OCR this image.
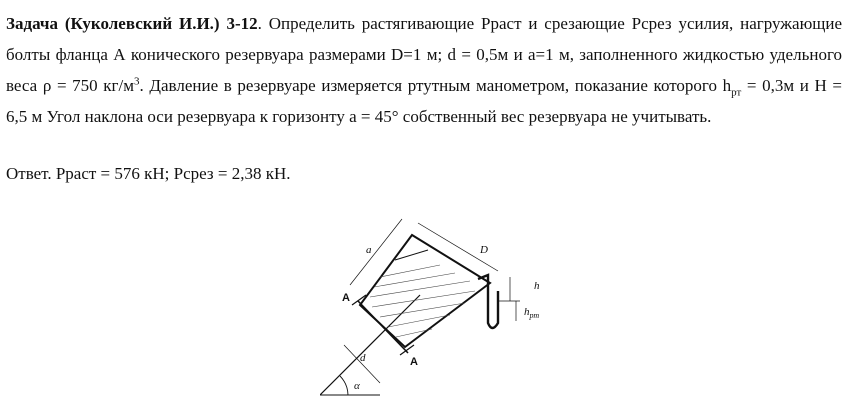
Задача (Куколевский И.И.) 3-12. Определить растягивающие Рраст и срезающие Рсрез усилия, нагружающие болты фланца А конического резервуара размерами D=1 м; d = 0,5м и a=1 м, заполненного жидкостью удельного веса ρ = 750 $кг/м^3$. Давление в резервуаре измеряется ртутным манометром, показание которого $h_{рт} = 0,3м$ и H = 6,5 м Угол наклона оси резервуара к горизонту а = 45° собственный вес резервуара не учитывать.

Ответ. Рраст = 576 кН; Рсрез = 2,38 кН.

a	D
d
A
A
h
$h_{рт}$
α
